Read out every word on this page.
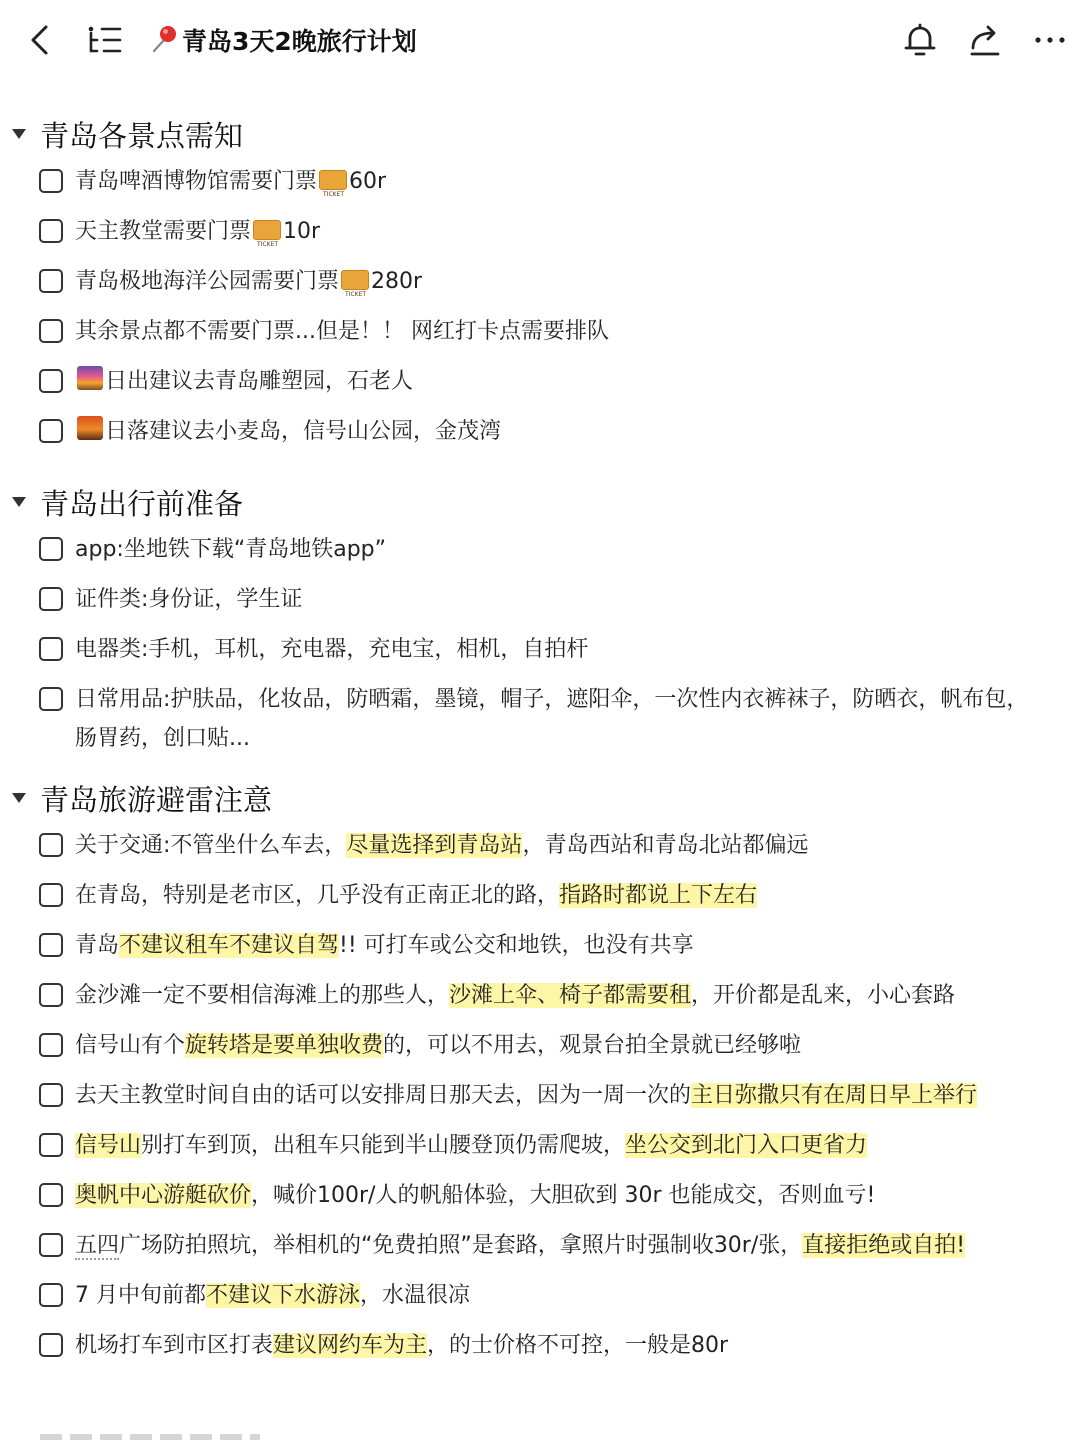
青岛3天2晚旅行计划
青岛各景点需知
青岛啤酒博物馆需要门票 TICKET 60r
天主教堂需要门票 TICKET 10r
青岛极地海洋公园需要门票 TICKET 280r
其余景点都不需要门票...但是！！ 网红打卡点需要排队
日出建议去青岛雕塑园，石老人
日落建议去小麦岛，信号山公园，金茂湾
青岛出行前准备
app:坐地铁下载“青岛地铁app”
证件类:身份证，学生证
电器类:手机，耳机，充电器，充电宝，相机，自拍杆
日常用品:护肤品，化妆品，防晒霜，墨镜，帽子，遮阳伞，一次性内衣裤袜子，防晒衣，帆布包，肠胃药，创口贴...
青岛旅游避雷注意
关于交通:不管坐什么车去，尽量选择到青岛站，青岛西站和青岛北站都偏远
在青岛，特别是老市区，几乎没有正南正北的路，指路时都说上下左右
青岛不建议租车不建议自驾!! 可打车或公交和地铁，也没有共享
金沙滩一定不要相信海滩上的那些人，沙滩上伞、椅子都需要租，开价都是乱来，小心套路
信号山有个旋转塔是要单独收费的，可以不用去，观景台拍全景就已经够啦
去天主教堂时间自由的话可以安排周日那天去，因为一周一次的主日弥撒只有在周日早上举行
信号山别打车到顶，出租车只能到半山腰登顶仍需爬坡，坐公交到北门入口更省力
奥帆中心游艇砍价，喊价100r/人的帆船体验，大胆砍到 30r 也能成交，否则血亏!
五四广场防拍照坑，举相机的“免费拍照”是套路，拿照片时强制收30r/张，直接拒绝或自拍!
7 月中旬前都不建议下水游泳，水温很凉
机场打车到市区打表建议网约车为主，的士价格不可控，一般是80r
